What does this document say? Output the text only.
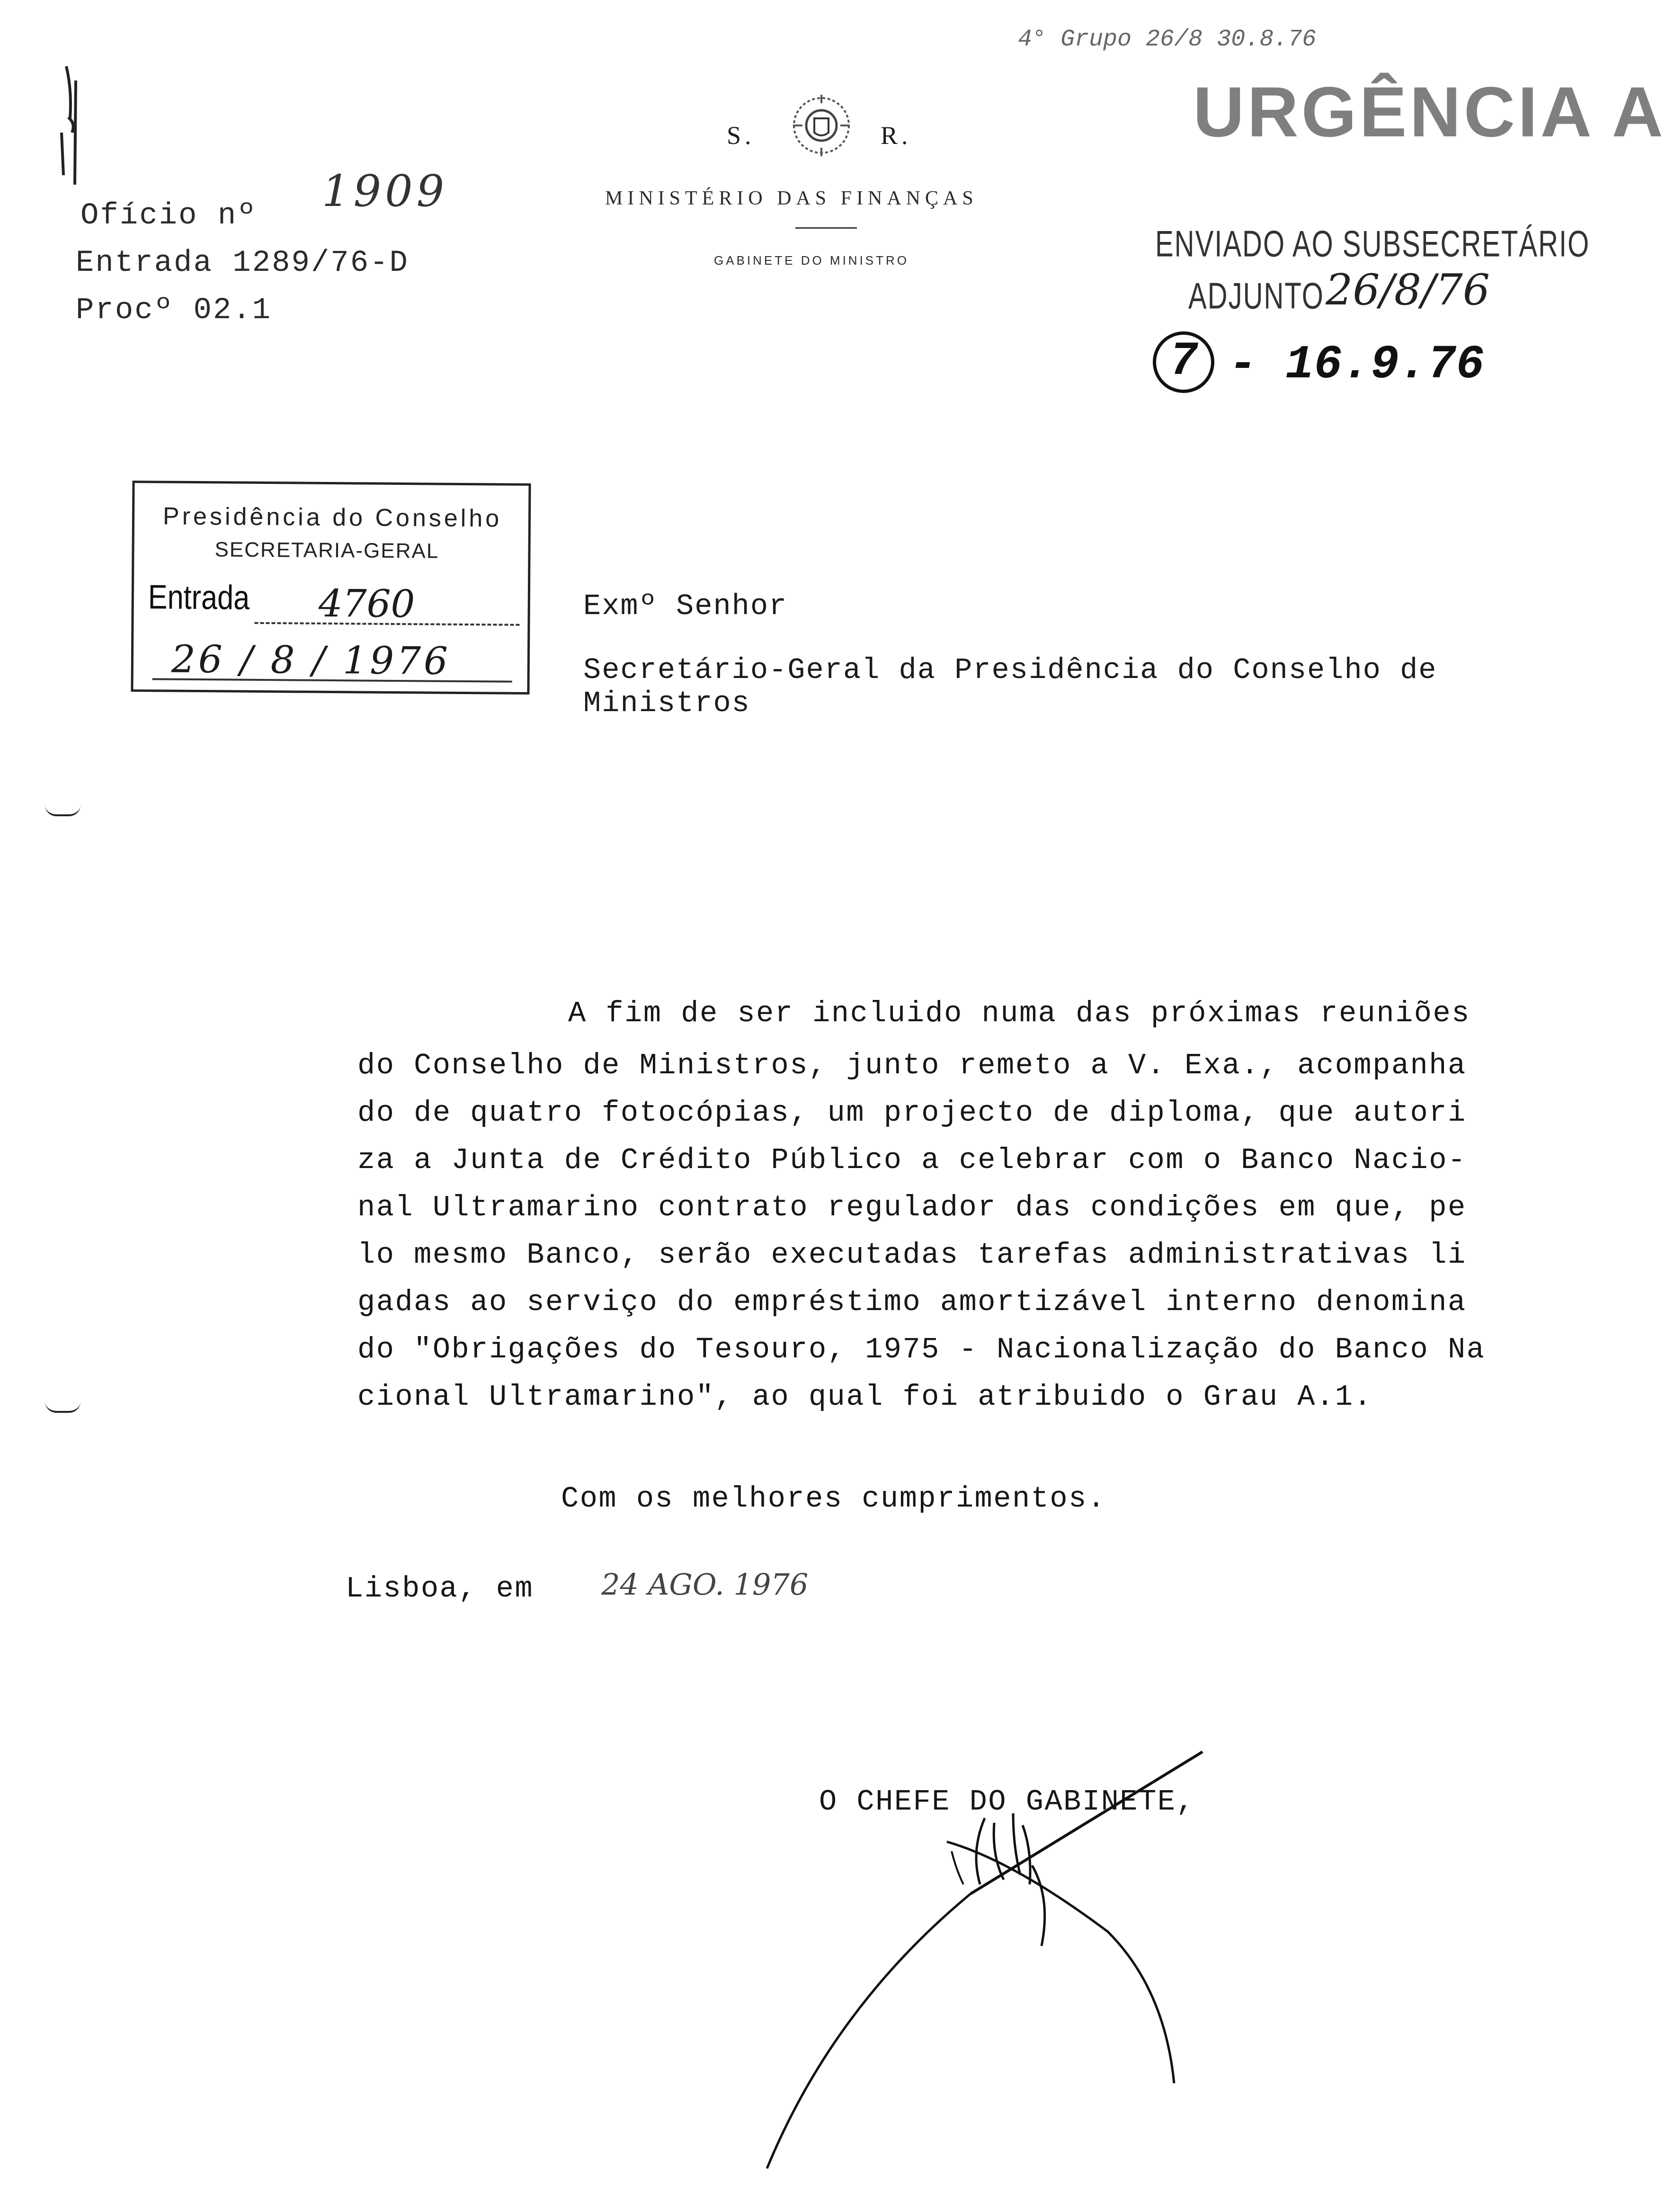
Ofício nº 1909
Entrada 1289/76-D
Procº 02.1
S.	R.
MINISTÉRIO DAS FINANÇAS
GABINETE DO MINISTRO
4° Grupo 26/8 30.8.76
URGÊNCIA A
ENVIADO AO SUBSECRETÁRIO
ADJUNTO 26/8/76
7 - 16.9.76
Presidência do Conselho
SECRETARIA-GERAL
Entrada 4760
26 / 8 / 1976
Exmº Senhor
Secretário-Geral da Presidência do Conselho de
Ministros
A fim de ser incluido numa das próximas reuniões
do Conselho de Ministros, junto remeto a V. Exa., acompanha
do de quatro fotocópias, um projecto de diploma, que autori
za a Junta de Crédito Público a celebrar com o Banco Nacio-
nal Ultramarino contrato regulador das condições em que, pe
lo mesmo Banco, serão executadas tarefas administrativas li
gadas ao serviço do empréstimo amortizável interno denomina
do "Obrigações do Tesouro, 1975 - Nacionalização do Banco Na
cional Ultramarino", ao qual foi atribuido o Grau A.1.
Com os melhores cumprimentos.
Lisboa, em 24 AGO. 1976
O CHEFE DO GABINETE,
